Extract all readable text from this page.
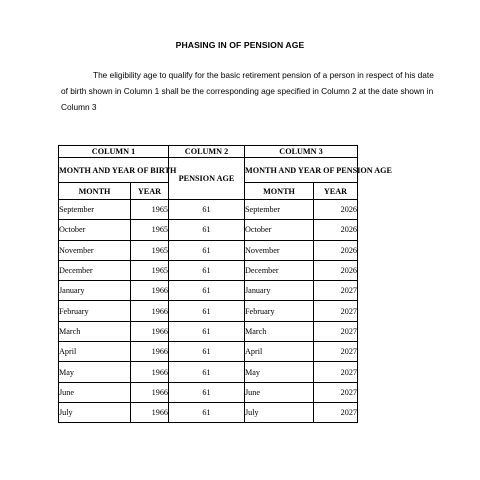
PHASING IN OF PENSION AGE

The eligibility age to qualify for the basic retirement pension of a person in respect of his date of birth shown in Column 1 shall be the corresponding age specified in Column 2 at the date shown in Column 3

COLUMN 1		COLUMN 2	COLUMN 3	
MONTH AND YEAR OF BIRTH		PENSION AGE	MONTH AND YEAR OF PENSION AGE	
MONTH	YEAR		MONTH	YEAR
September	1965	61	September	2026
October	1965	61	October	2026
November	1965	61	November	2026
December	1965	61	December	2026
January	1966	61	January	2027
February	1966	61	February	2027
March	1966	61	March	2027
April	1966	61	April	2027
May	1966	61	May	2027
June	1966	61	June	2027
July	1966	61	July	2027
